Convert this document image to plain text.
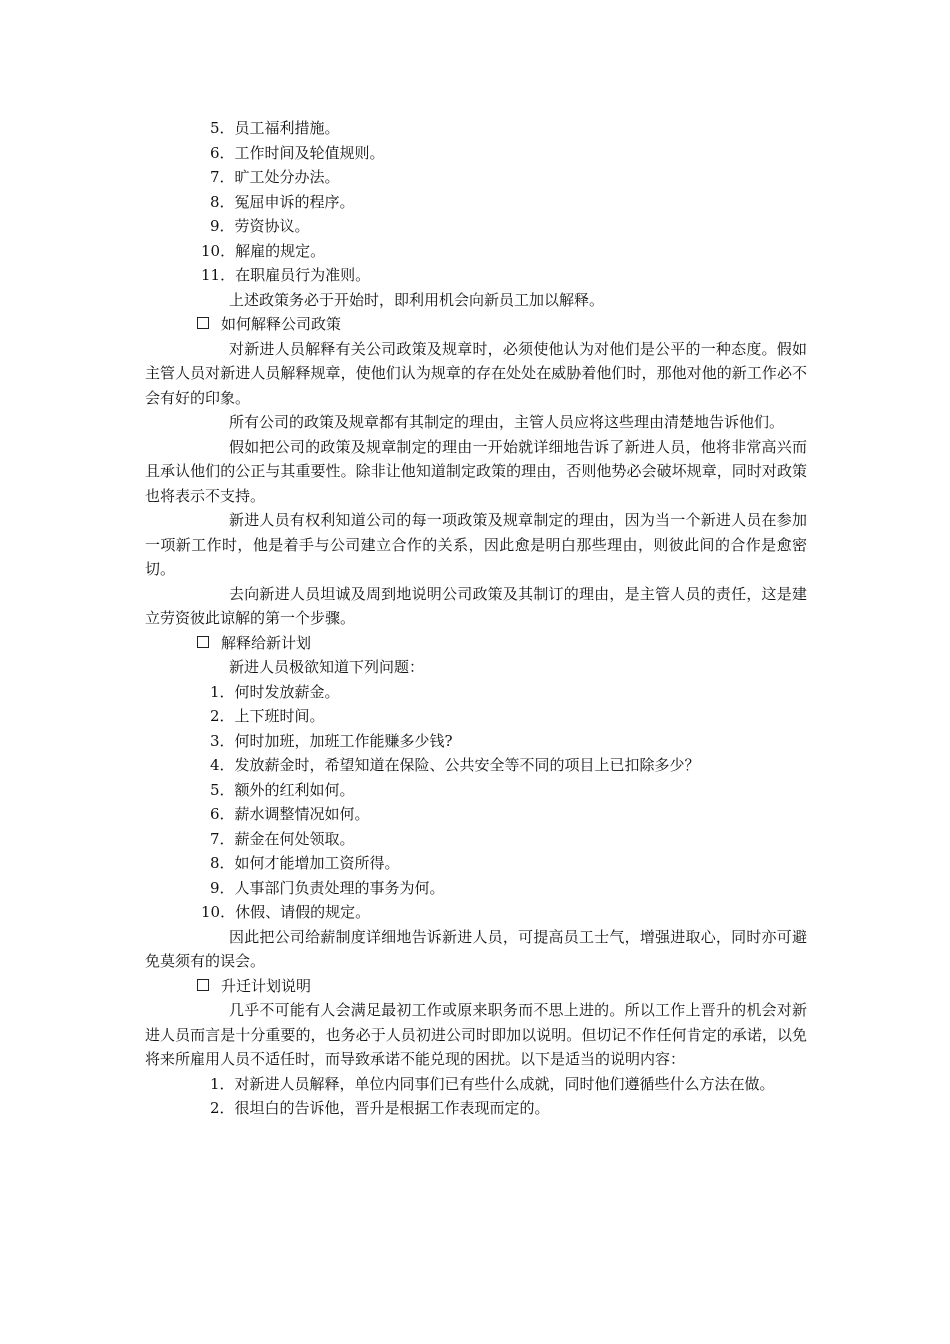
5．员工福利措施。

6．工作时间及轮值规则。

7．旷工处分办法。

8．冤屈申诉的程序。

9．劳资协议。

10．解雇的规定。

11．在职雇员行为准则。

上述政策务必于开始时，即利用机会向新员工加以解释。

如何解释公司政策

对新进人员解释有关公司政策及规章时，必须使他认为对他们是公平的一种态度。假如主管人员对新进人员解释规章，使他们认为规章的存在处处在威胁着他们时，那他对他的新工作必不会有好的印象。

所有公司的政策及规章都有其制定的理由，主管人员应将这些理由清楚地告诉他们。

假如把公司的政策及规章制定的理由一开始就详细地告诉了新进人员，他将非常高兴而且承认他们的公正与其重要性。除非让他知道制定政策的理由，否则他势必会破坏规章，同时对政策也将表示不支持。

新进人员有权利知道公司的每一项政策及规章制定的理由，因为当一个新进人员在参加一项新工作时，他是着手与公司建立合作的关系，因此愈是明白那些理由，则彼此间的合作是愈密切。

去向新进人员坦诚及周到地说明公司政策及其制订的理由，是主管人员的责任，这是建立劳资彼此谅解的第一个步骤。

解释给新计划

新进人员极欲知道下列问题：

1．何时发放薪金。

2．上下班时间。

3．何时加班，加班工作能赚多少钱?

4．发放薪金时，希望知道在保险、公共安全等不同的项目上已扣除多少？

5．额外的红利如何。

6．薪水调整情况如何。

7．薪金在何处领取。

8．如何才能增加工资所得。

9．人事部门负责处理的事务为何。

10．休假、请假的规定。

因此把公司给薪制度详细地告诉新进人员，可提高员工士气，增强进取心，同时亦可避免莫须有的误会。

升迁计划说明

几乎不可能有人会满足最初工作或原来职务而不思上进的。所以工作上晋升的机会对新进人员而言是十分重要的，也务必于人员初进公司时即加以说明。但切记不作任何肯定的承诺，以免将来所雇用人员不适任时，而导致承诺不能兑现的困扰。以下是适当的说明内容：

1．对新进人员解释，单位内同事们已有些什么成就，同时他们遵循些什么方法在做。

2．很坦白的告诉他，晋升是根据工作表现而定的。
